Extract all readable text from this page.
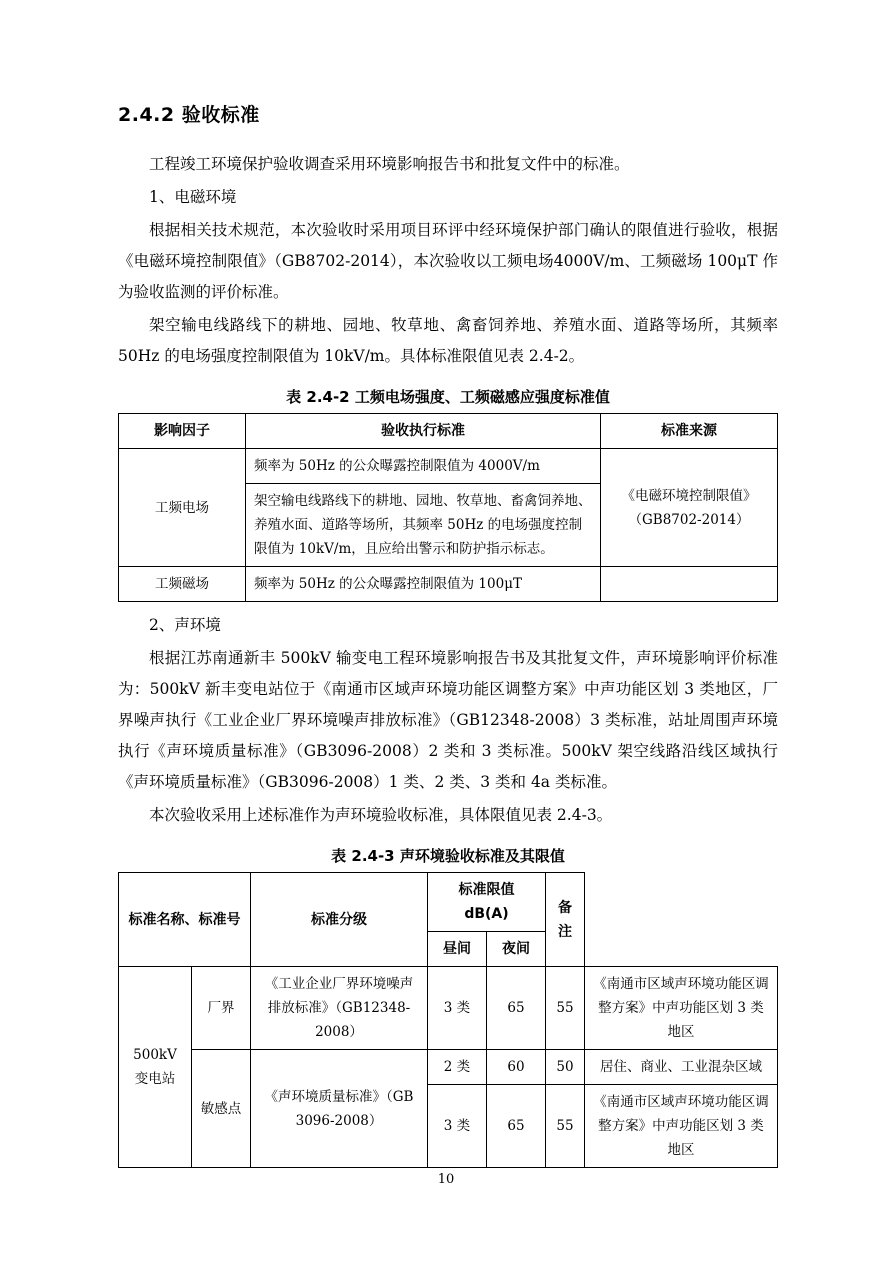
2.4.2 验收标准

工程竣工环境保护验收调查采用环境影响报告书和批复文件中的标准。

1、电磁环境

根据相关技术规范，本次验收时采用项目环评中经环境保护部门确认的限值进行验收，根据《电磁环境控制限值》（GB8702-2014），本次验收以工频电场4000V/m、工频磁场 100μT 作为验收监测的评价标准。

架空输电线路线下的耕地、园地、牧草地、禽畜饲养地、养殖水面、道路等场所，其频率 50Hz 的电场强度控制限值为 10kV/m。具体标准限值见表 2.4-2。

表 2.4-2 工频电场强度、工频磁感应强度标准值
影响因子	验收执行标准	标准来源
工频电场	频率为 50Hz 的公众曝露控制限值为 4000V/m	《电磁环境控制限值》（GB8702-2014）
	架空输电线路线下的耕地、园地、牧草地、畜禽饲养地、养殖水面、道路等场所，其频率 50Hz 的电场强度控制限值为 10kV/m，且应给出警示和防护指示标志。	
工频磁场	频率为 50Hz 的公众曝露控制限值为 100μT	

2、声环境

根据江苏南通新丰 500kV 输变电工程环境影响报告书及其批复文件，声环境影响评价标准为：500kV 新丰变电站位于《南通市区域声环境功能区调整方案》中声功能区划 3 类地区，厂界噪声执行《工业企业厂界环境噪声排放标准》（GB12348-2008）3 类标准，站址周围声环境执行《声环境质量标准》（GB3096-2008）2 类和 3 类标准。500kV 架空线路沿线区域执行《声环境质量标准》（GB3096-2008）1 类、2 类、3 类和 4a 类标准。

本次验收采用上述标准作为声环境验收标准，具体限值见表 2.4-3。

表 2.4-3 声环境验收标准及其限值
标准名称、标准号		标准分级	标准限值 dB(A)		备注	
			昼间	夜间		
500kV变电站	厂界	《工业企业厂界环境噪声排放标准》（GB12348-2008）	3 类	65	55	《南通市区域声环境功能区调整方案》中声功能区划 3 类地区
	敏感点	《声环境质量标准》（GB 3096-2008）	2 类	60	50	居住、商业、工业混杂区域
			3 类	65	55	《南通市区域声环境功能区调整方案》中声功能区划 3 类地区
10
